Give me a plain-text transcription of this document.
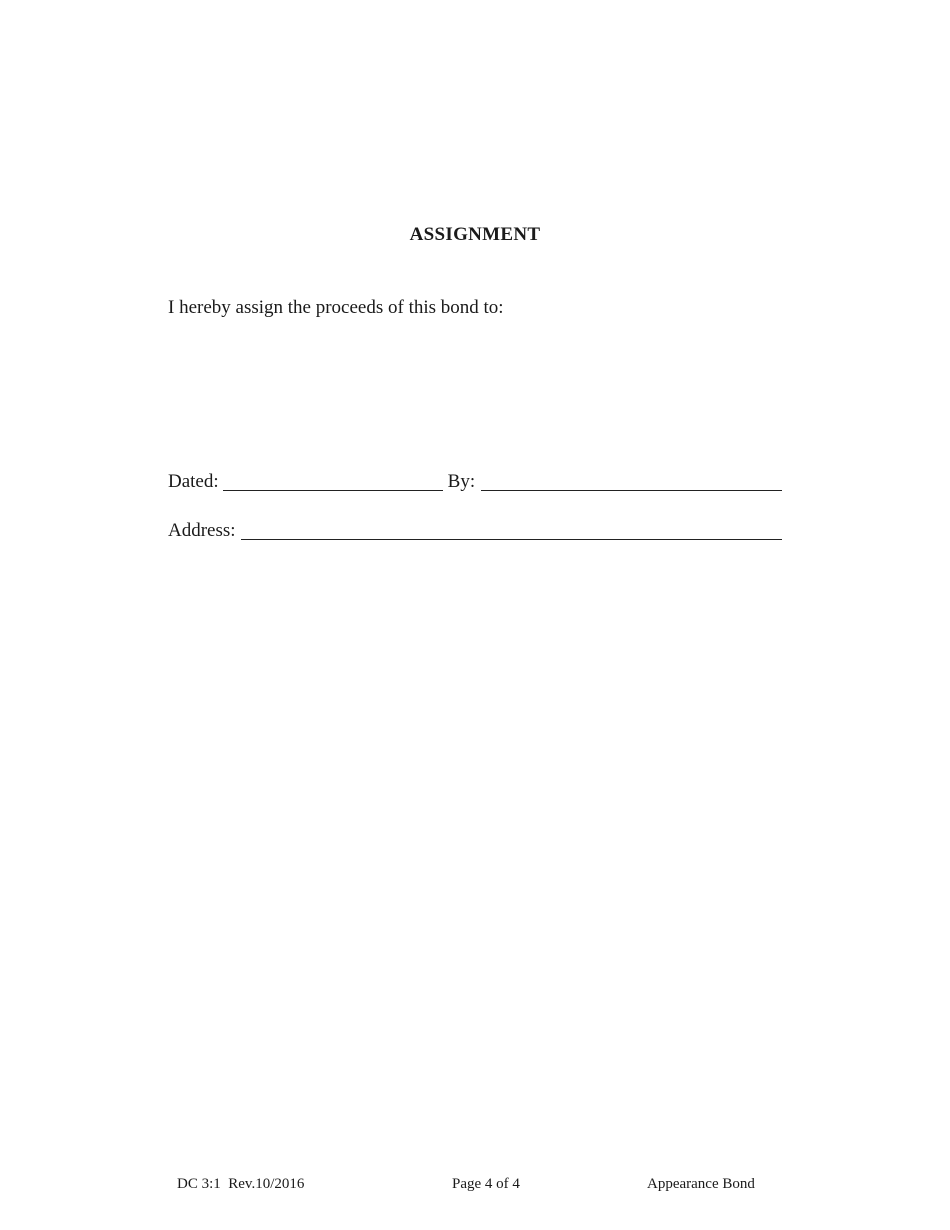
ASSIGNMENT
I hereby assign the proceeds of this bond to:
Dated:	By:
Address:
DC 3:1  Rev.10/2016	Page 4 of 4	Appearance Bond
